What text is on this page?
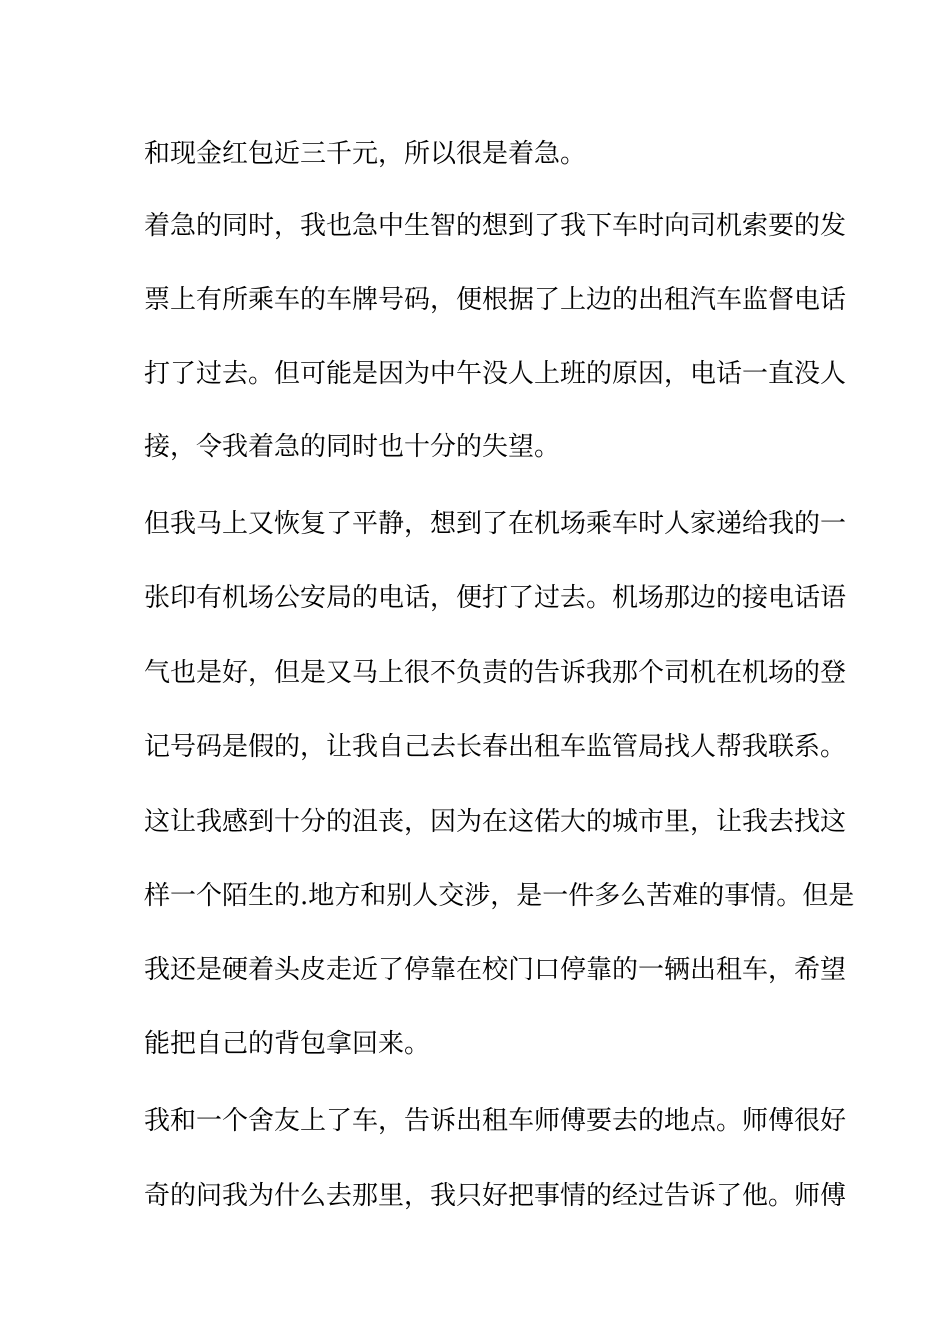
和现金红包近三千元，所以很是着急。
着急的同时，我也急中生智的想到了我下车时向司机索要的发
票上有所乘车的车牌号码，便根据了上边的出租汽车监督电话
打了过去。但可能是因为中午没人上班的原因，电话一直没人
接，令我着急的同时也十分的失望。
但我马上又恢复了平静，想到了在机场乘车时人家递给我的一
张印有机场公安局的电话，便打了过去。机场那边的接电话语
气也是好，但是又马上很不负责的告诉我那个司机在机场的登
记号码是假的，让我自己去长春出租车监管局找人帮我联系。
这让我感到十分的沮丧，因为在这偌大的城市里，让我去找这
样一个陌生的.地方和别人交涉，是一件多么苦难的事情。但是
我还是硬着头皮走近了停靠在校门口停靠的一辆出租车，希望
能把自己的背包拿回来。
我和一个舍友上了车，告诉出租车师傅要去的地点。师傅很好
奇的问我为什么去那里，我只好把事情的经过告诉了他。师傅
